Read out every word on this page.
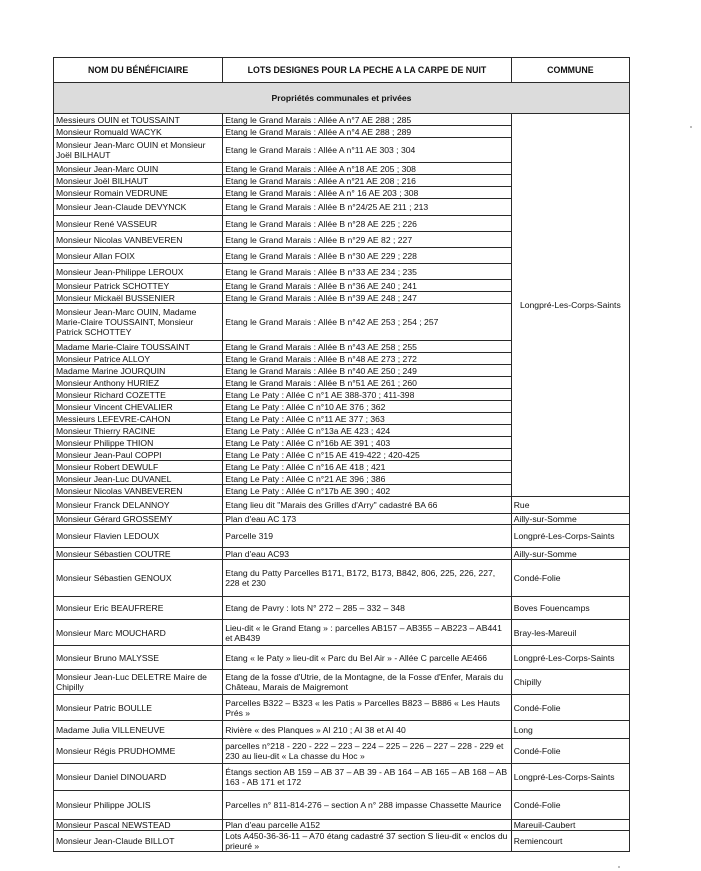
NOM DU BÉNÉFICIAIRE	LOTS DESIGNES POUR LA PECHE A LA CARPE DE NUIT	COMMUNE
Propriétés communales et privées		
Messieurs OUIN et TOUSSAINT	Etang le Grand Marais : Allée A n°7 AE 288 ; 285	Longpré-Les-Corps-Saints
Monsieur Romuald WACYK	Etang le Grand Marais : Allée A n°4 AE 288 ; 289	
Monsieur Jean-Marc OUIN et Monsieur Joël BILHAUT	Etang le Grand Marais : Allée A n°11 AE 303 ; 304	
Monsieur Jean-Marc OUIN	Etang le Grand Marais : Allée A n°18 AE 205 ; 308	
Monsieur Joël BILHAUT	Etang le Grand Marais : Allée A n°21 AE 208 ; 216	
Monsieur Romain VEDRUNE	Etang le Grand Marais : Allée A n° 16 AE 203 ; 308	
Monsieur Jean-Claude DEVYNCK	Etang le Grand Marais : Allée B n°24/25 AE 211 ; 213	
Monsieur René VASSEUR	Etang le Grand Marais : Allée B n°28 AE 225 ; 226	
Monsieur Nicolas VANBEVEREN	Etang le Grand Marais : Allée B n°29 AE 82 ; 227	
Monsieur Allan FOIX	Etang le Grand Marais : Allée B n°30 AE 229 ; 228	
Monsieur Jean-Philippe LEROUX	Etang le Grand Marais : Allée B n°33 AE 234 ; 235	
Monsieur Patrick SCHOTTEY	Etang le Grand Marais : Allée B n°36 AE 240 ; 241	
Monsieur Mickaël BUSSENIER	Etang le Grand Marais : Allée B n°39 AE 248 ; 247	
Monsieur Jean-Marc OUIN, Madame Marie-Claire TOUSSAINT, Monsieur Patrick SCHOTTEY	Etang le Grand Marais : Allée B n°42 AE 253 ; 254 ; 257	
Madame Marie-Claire TOUSSAINT	Etang le Grand Marais : Allée B n°43 AE 258 ; 255	
Monsieur Patrice ALLOY	Etang le Grand Marais : Allée B n°48 AE 273 ; 272	
Madame Marine JOURQUIN	Etang le Grand Marais : Allée B n°40 AE 250 ; 249	
Monsieur Anthony HURIEZ	Etang le Grand Marais : Allée B n°51 AE 261 ; 260	
Monsieur Richard COZETTE	Etang Le Paty : Allée C n°1 AE 388-370 ; 411-398	
Monsieur Vincent CHEVALIER	Etang Le Paty : Allée C n°10 AE 376 ; 362	
Messieurs LEFEVRE-CAHON	Etang Le Paty : Allée C n°11 AE 377 ; 363	
Monsieur Thierry RACINE	Etang Le Paty : Allée C n°13a AE 423 ; 424	
Monsieur Philippe THION	Etang Le Paty : Allée C n°16b AE 391 ; 403	
Monsieur Jean-Paul COPPI	Etang Le Paty : Allée C n°15 AE 419-422 ; 420-425	
Monsieur Robert DEWULF	Etang Le Paty : Allée C n°16 AE 418 ; 421	
Monsieur Jean-Luc DUVANEL	Etang Le Paty : Allée C n°21 AE 396 ; 386	
Monsieur Nicolas VANBEVEREN	Etang Le Paty : Allée C n°17b AE 390 ; 402	
Monsieur Franck DELANNOY	Etang lieu dit "Marais des Grilles d'Arry" cadastré BA 66	Rue
Monsieur Gérard GROSSEMY	Plan d'eau AC 173	Ailly-sur-Somme
Monsieur Flavien LEDOUX	Parcelle 319	Longpré-Les-Corps-Saints
Monsieur Sébastien COUTRE	Plan d'eau AC93	Ailly-sur-Somme
Monsieur Sébastien GENOUX	Etang du Patty Parcelles B171, B172, B173, B842, 806, 225, 226, 227, 228 et 230	Condé-Folie
Monsieur Eric BEAUFRERE	Etang de Pavry : lots N° 272 – 285 – 332 – 348	Boves Fouencamps
Monsieur Marc MOUCHARD	Lieu-dit « le Grand Etang » : parcelles AB157 – AB355 – AB223 – AB441 et AB439	Bray-les-Mareuil
Monsieur Bruno MALYSSE	Etang « le Paty » lieu-dit « Parc du Bel Air » - Allée C parcelle AE466	Longpré-Les-Corps-Saints
Monsieur Jean-Luc DELETRE Maire de Chipilly	Etang de la fosse d'Utrie, de la Montagne, de la Fosse d'Enfer, Marais du Château, Marais de Maigremont	Chipilly
Monsieur Patric BOULLE	Parcelles B322 – B323 « les Patis » Parcelles B823 – B886 « Les Hauts Prés »	Condé-Folie
Madame Julia VILLENEUVE	Rivière « des Planques » AI 210 ; AI 38 et AI 40	Long
Monsieur Régis PRUDHOMME	parcelles n°218 - 220 - 222 – 223 – 224 – 225 – 226 – 227 – 228 - 229 et 230 au lieu-dit « La chasse du Hoc »	Condé-Folie
Monsieur Daniel DINOUARD	Étangs section AB 159 – AB 37 – AB 39 - AB 164 – AB 165 – AB 168 – AB 163 - AB 171 et 172	Longpré-Les-Corps-Saints
Monsieur Philippe JOLIS	Parcelles n° 811-814-276 – section A n° 288 impasse Chassette Maurice	Condé-Folie
Monsieur Pascal NEWSTEAD	Plan d'eau parcelle A152	Mareuil-Caubert
Monsieur Jean-Claude BILLOT	Lots A450-36-36-11 – A70 étang cadastré 37 section S lieu-dit « enclos du prieuré »	Remiencourt
